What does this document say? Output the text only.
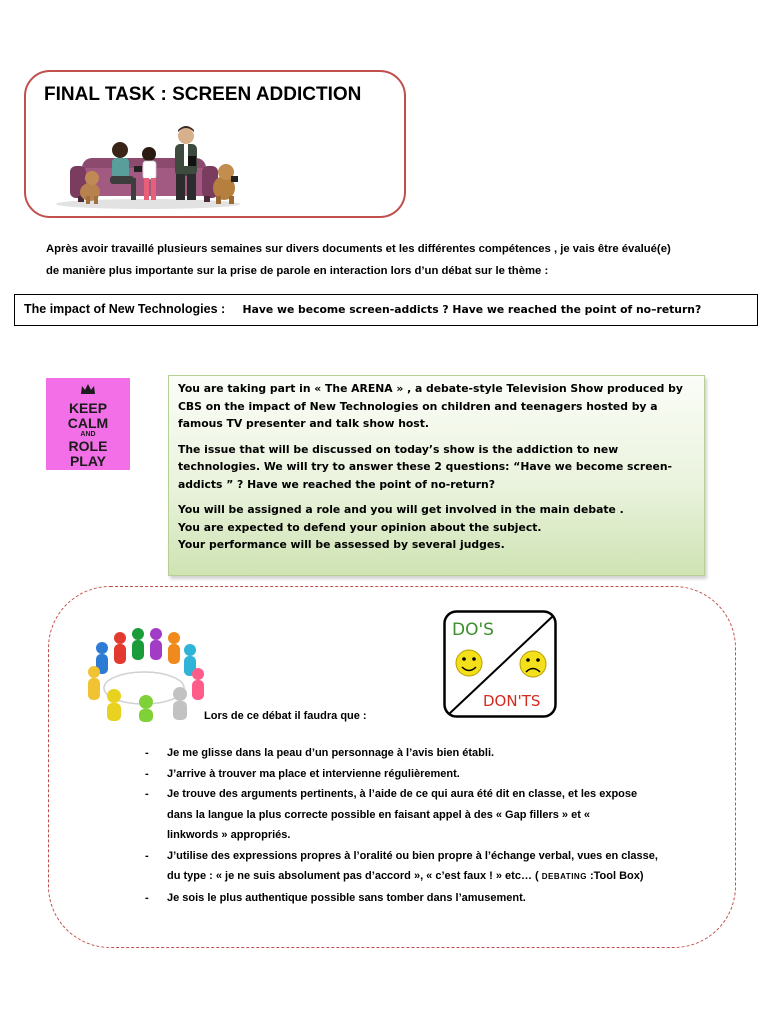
FINAL TASK : SCREEN ADDICTION
Après avoir travaillé plusieurs semaines sur divers documents et les différentes compétences , je vais être évalué(e)
de manière plus importante sur la prise de parole en interaction lors d’un débat sur le thème :
The impact of New Technologies : Have we become screen-addicts ? Have we reached the point of no–return?
KEEP
CALM
AND
ROLE
PLAY

You are taking part in « The ARENA » , a debate-style Television Show produced by CBS on the impact of New Technologies on children and teenagers hosted by a famous TV presenter and talk show host.

The issue that will be discussed on today’s show is the addiction to new technologies. We will try to answer these 2 questions: “Have we become screen-addicts ” ? Have we reached the point of no-return?

You will be assigned a role and you will get involved in the main debate .

You are expected to defend your opinion about the subject.

Your performance will be assessed by several judges.

DO'S
DON'TS
Lors de ce débat il faudra que :
- Je me glisse dans la peau d’un personnage à l’avis bien établi.
- J’arrive à trouver ma place et intervienne régulièrement.
- Je trouve des arguments pertinents, à l’aide de ce qui aura été dit en classe, et les expose
dans la langue la plus correcte possible en faisant appel à des « Gap fillers » et «
linkwords » appropriés.
- J’utilise des expressions propres à l’oralité ou bien propre à l’échange verbal, vues en classe,
du type : « je ne suis absolument pas d’accord », « c’est faux ! » etc… ( DEBATING :Tool Box)
- Je sois le plus authentique possible sans tomber dans l’amusement.
